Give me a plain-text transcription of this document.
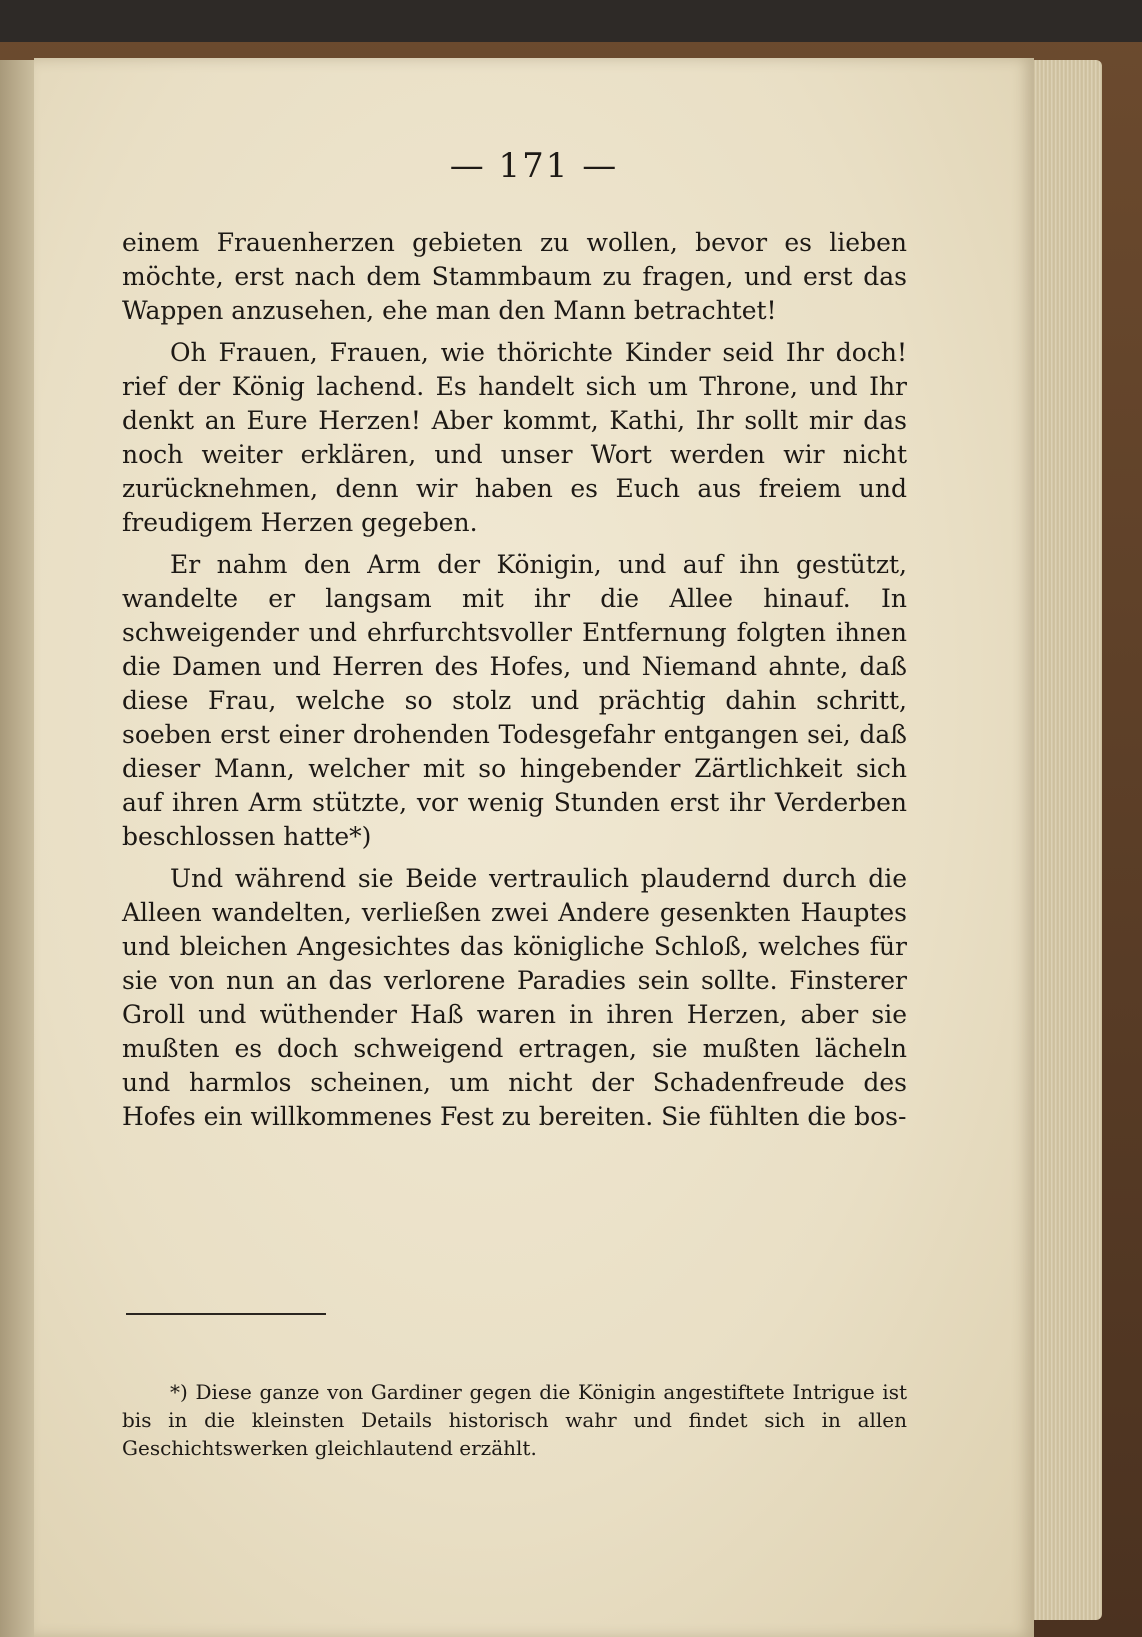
— 171 —

einem Frauenherzen gebieten zu wollen, bevor es lieben möchte, erst nach dem Stammbaum zu fragen, und erst das Wappen anzusehen, ehe man den Mann betrachtet!

Oh Frauen, Frauen, wie thörichte Kinder seid Ihr doch! rief der König lachend. Es handelt sich um Throne, und Ihr denkt an Eure Herzen! Aber kommt, Kathi, Ihr sollt mir das noch weiter erklären, und unser Wort werden wir nicht zurücknehmen, denn wir haben es Euch aus freiem und freudigem Herzen gegeben.

Er nahm den Arm der Königin, und auf ihn gestützt, wandelte er langsam mit ihr die Allee hinauf. In schweigender und ehrfurchtsvoller Entfernung folgten ihnen die Damen und Herren des Hofes, und Niemand ahnte, daß diese Frau, welche so stolz und prächtig dahin schritt, soeben erst einer drohenden Todesgefahr entgangen sei, daß dieser Mann, welcher mit so hingebender Zärtlichkeit sich auf ihren Arm stützte, vor wenig Stunden erst ihr Verderben beschlossen hatte*)

Und während sie Beide vertraulich plaudernd durch die Alleen wandelten, verließen zwei Andere gesenkten Hauptes und bleichen Angesichtes das königliche Schloß, welches für sie von nun an das verlorene Paradies sein sollte. Finsterer Groll und wüthender Haß waren in ihren Herzen, aber sie mußten es doch schweigend ertragen, sie mußten lächeln und harmlos scheinen, um nicht der Schadenfreude des Hofes ein willkommenes Fest zu bereiten. Sie fühlten die bos-

*) Diese ganze von Gardiner gegen die Königin angestiftete Intrigue ist bis in die kleinsten Details historisch wahr und findet sich in allen Geschichtswerken gleichlautend erzählt.
